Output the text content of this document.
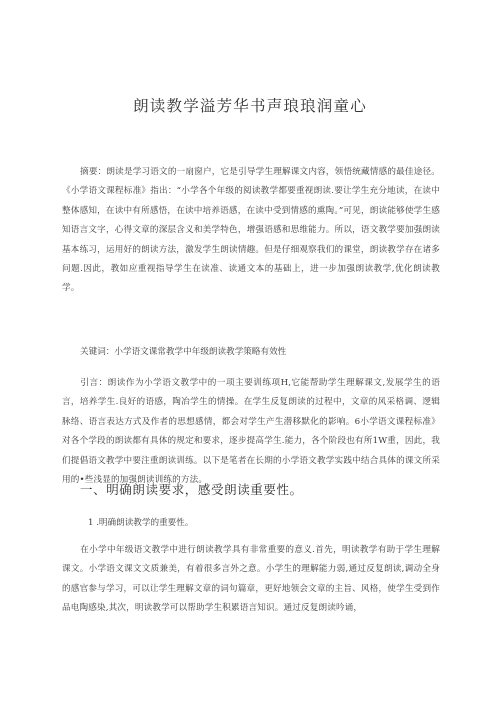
朗读教学溢芳华书声琅琅润童心
摘要：朗读是学习语文的一扇窗户，它是引导学生理解课文内容，领悟统藏情感的最佳途径。《小学语文课程标准》指出：“小学各个年级的阅读教学都要重视朗读.要让学生充分地读，在读中整体感知，在读中有所感悟，在读中培养语感，在读中受到情感的熏陶。”可见，朗读能够使学生感知语言文字，心得文章的深层含义和美学特色，增强语感和思维能力。所以，语文教学要加强朗读基本练习，运用好的朗读方法，激发学生朗读情趣。但是仔细观察我们的课堂，朗读教学存在诸多问题.因此，教如应重视指导学生在读准、读通文本的基础上，进一步加强朗读教学,优化朗读教学。
关键词：小学语文课常教学中年级朗读教学策略有效性
引言：朗读作为小学语文教学中的一项主要训练项H,它能帮助学生理解课文,发展学生的语言，培养学生.良好的语感，陶冶学生的情操。在学生反复朗读的过程中，文章的风采格调、逻辑脉络、语言表达方式及作者的思想感情，都会对学生产生潜移默化的影响。6小学语文课程标准》对各个学段的朗读都有具体的规定和要求，逐步提高学生.能力，各个阶段也有所1W重，因此，我们提倡语文教学中要注重朗读训练。以下是笔者在长期的小学语文教学实践中结合具体的课文所采用的•些浅显的加强朗读训练的方法。
一、明确朗读要求，感受朗读重要性。
1 .明确朗读教学的重要性。
在小学中年级语文教学中进行朗读教学具有非常重要的意义.首先，明读教学有助于学生理解课文。小学语文课文文质兼美，有着很多言外之意。小学生的理解能力弱,通过反复朗读,调动全身的感官参与学习，可以让学生理解文章的词句篇章，更好地领会文章的主旨、风格，使学生受到作品电陶感染,其次，明读教学可以帮助学生积累语言知识。通过反复朗读吟诵，
